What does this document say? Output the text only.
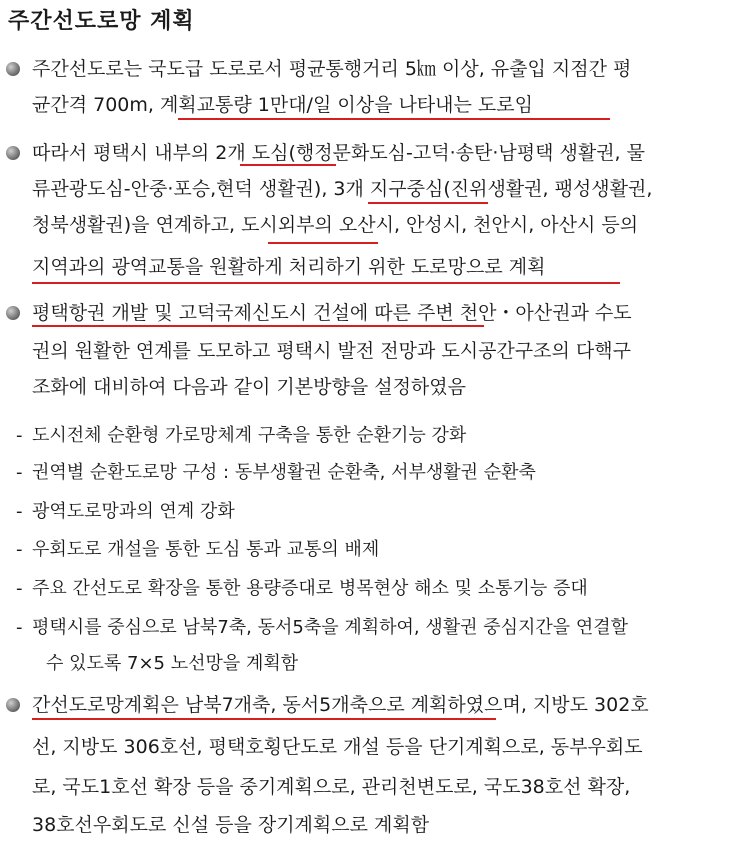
주간선도로망 계획
주간선도로는 국도급 도로로서 평균통행거리 5㎞ 이상, 유출입 지점간 평
균간격 700m, 계획교통량 1만대/일 이상을 나타내는 도로임
따라서 평택시 내부의 2개 도심(행정문화도심-고덕·송탄·남평택 생활권, 물
류관광도심-안중·포승,현덕 생활권), 3개 지구중심(진위생활권, 팽성생활권,
청북생활권)을 연계하고, 도시외부의 오산시, 안성시, 천안시, 아산시 등의
지역과의 광역교통을 원활하게 처리하기 위한 도로망으로 계획
평택항권 개발 및 고덕국제신도시 건설에 따른 주변 천안・아산권과 수도
권의 원활한 연계를 도모하고 평택시 발전 전망과 도시공간구조의 다핵구
조화에 대비하여 다음과 같이 기본방향을 설정하였음
- 도시전체 순환형 가로망체계 구축을 통한 순환기능 강화
- 권역별 순환도로망 구성 : 동부생활권 순환축, 서부생활권 순환축
- 광역도로망과의 연계 강화
- 우회도로 개설을 통한 도심 통과 교통의 배제
- 주요 간선도로 확장을 통한 용량증대로 병목현상 해소 및 소통기능 증대
- 평택시를 중심으로 남북7축, 동서5축을 계획하여, 생활권 중심지간을 연결할
수 있도록 7×5 노선망을 계획함
간선도로망계획은 남북7개축, 동서5개축으로 계획하였으며, 지방도 302호
선, 지방도 306호선, 평택호횡단도로 개설 등을 단기계획으로, 동부우회도
로, 국도1호선 확장 등을 중기계획으로, 관리천변도로, 국도38호선 확장,
38호선우회도로 신설 등을 장기계획으로 계획함
